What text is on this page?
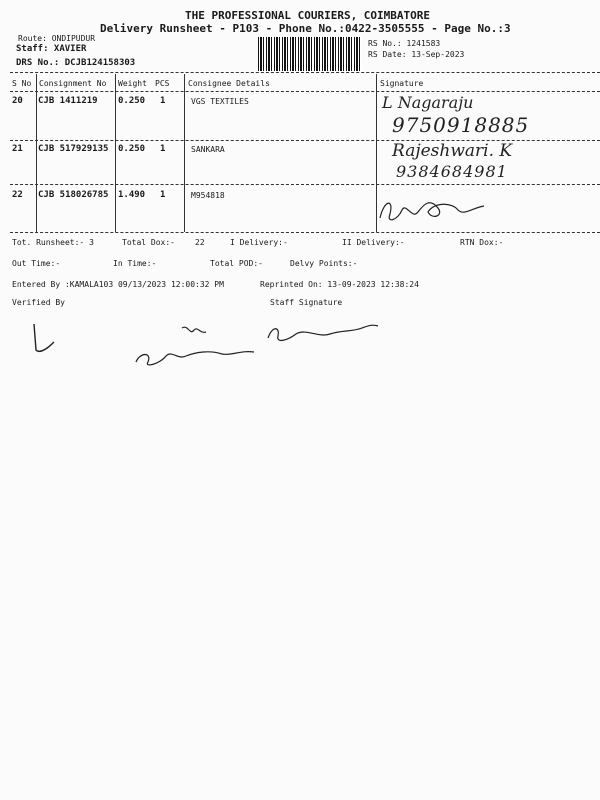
THE PROFESSIONAL COURIERS, COIMBATORE
Delivery Runsheet - P103 - Phone No.:0422-3505555 - Page No.:3
Route: ONDIPUDUR
Staff: XAVIER
DRS No.: DCJB124158303
RS No.: 1241583
RS Date: 13-Sep-2023
S No Consignment No Weight PCS Consignee Details	Signature
20 CJB 1411219 0.250 1	VGS TEXTILES	L Nagaraju
9750918885
21 CJB 517929135 0.250 1	SANKARA	Rajeshwari. K
9384684981
22 CJB 518026785 1.490 1	M954818
Tot. Runsheet:- 3	Total Dox:-	22	I Delivery:-	II Delivery:-	RTN Dox:-
Out Time:-	In Time:-	Total POD:-	Delvy Points:-
Entered By :KAMALA103 09/13/2023 12:00:32 PM	Reprinted On: 13-09-2023 12:38:24
Verified By	Staff Signature
